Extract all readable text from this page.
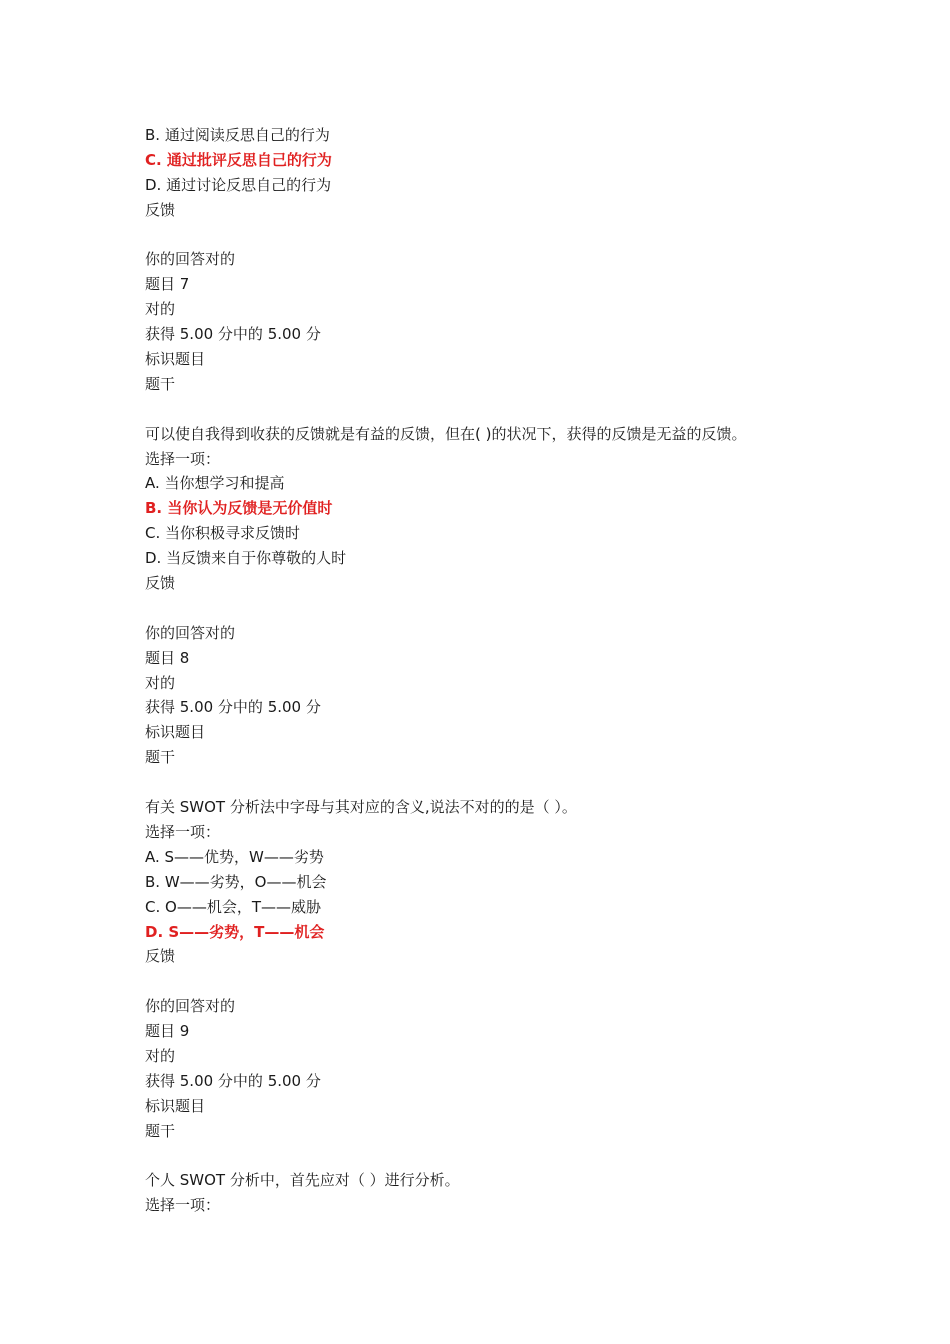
B. 通过阅读反思自己的行为
C. 通过批评反思自己的行为
D. 通过讨论反思自己的行为
反馈
你的回答对的
题目 7
对的
获得 5.00 分中的 5.00 分
标识题目
题干
可以使自我得到收获的反馈就是有益的反馈，但在( )的状况下，获得的反馈是无益的反馈。
选择一项：
A. 当你想学习和提高
B. 当你认为反馈是无价值时
C. 当你积极寻求反馈时
D. 当反馈来自于你尊敬的人时
反馈
你的回答对的
题目 8
对的
获得 5.00 分中的 5.00 分
标识题目
题干
有关 SWOT 分析法中字母与其对应的含义,说法不对的的是（ ）。
选择一项：
A. S——优势，W——劣势
B. W——劣势，O——机会
C. O——机会，T——威胁
D. S——劣势，T——机会
反馈
你的回答对的
题目 9
对的
获得 5.00 分中的 5.00 分
标识题目
题干
个人 SWOT 分析中，首先应对（ ）进行分析。
选择一项：
